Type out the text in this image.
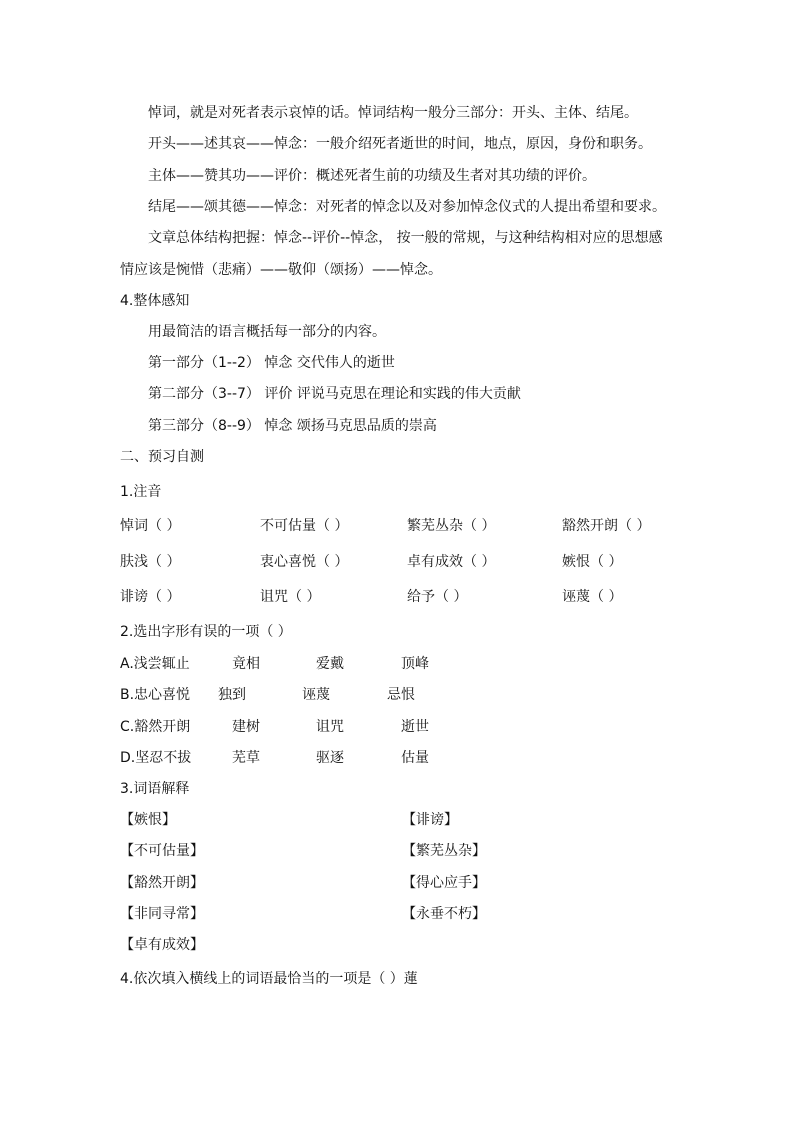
悼词，就是对死者表示哀悼的话。悼词结构一般分三部分：开头、主体、结尾。
开头——述其哀——悼念：一般介绍死者逝世的时间，地点，原因，身份和职务。
主体——赞其功——评价：概述死者生前的功绩及生者对其功绩的评价。
结尾——颂其德——悼念：对死者的悼念以及对参加悼念仪式的人提出希望和要求。
文章总体结构把握：悼念--评价--悼念， 按一般的常规，与这种结构相对应的思想感
情应该是惋惜（悲痛）——敬仰（颂扬）——悼念。
4.整体感知
用最简洁的语言概括每一部分的内容。
第一部分（1--2） 悼念 交代伟人的逝世
第二部分（3--7） 评价 评说马克思在理论和实践的伟大贡献
第三部分（8--9） 悼念 颂扬马克思品质的崇高
二、预习自测
1.注音
悼词（ ）	不可估量（ ）	繁芜丛杂（ ）	豁然开朗（ ）
肤浅（ ）	衷心喜悦（ ）	卓有成效（ ）	嫉恨（ ）
诽谤（ ）	诅咒（ ）	给予（ ）	诬蔑（ ）
2.选出字形有误的一项（ ）
A.浅尝辄止	竟相	爱戴	顶峰
B.忠心喜悦 独到	诬蔑	忌恨
C.豁然开朗	建树	诅咒	逝世
D.坚忍不拔	芜草	驱逐	估量
3.词语解释
【嫉恨】	【诽谤】
【不可估量】	【繁芜丛杂】
【豁然开朗】	【得心应手】
【非同寻常】	【永垂不朽】
【卓有成效】
4.依次填入横线上的词语最恰当的一项是（ ）蓮
